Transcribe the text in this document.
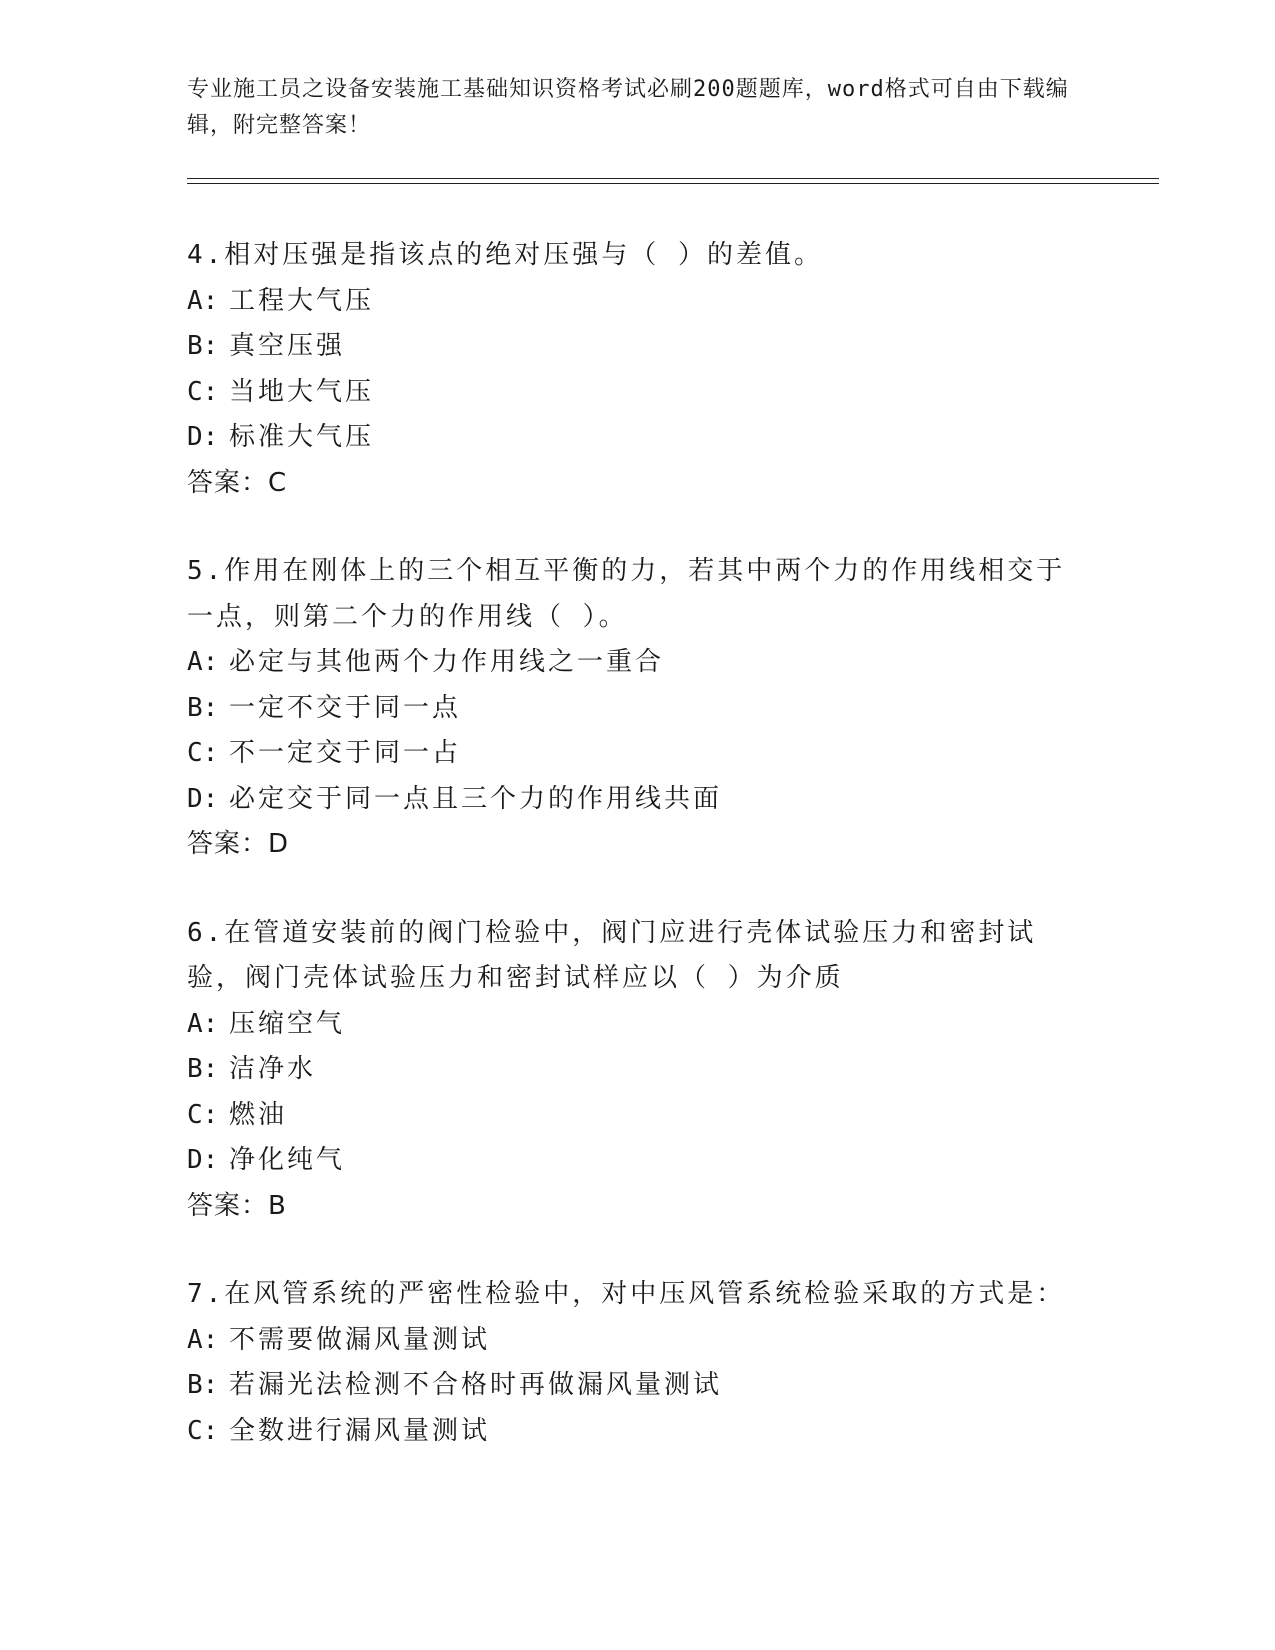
专业施工员之设备安装施工基础知识资格考试必刷200题题库，word格式可自由下载编辑，附完整答案！

4.相对压强是指该点的绝对压强与（ ）的差值。

A: 工程大气压

B: 真空压强

C: 当地大气压

D: 标准大气压

答案：C

5.作用在刚体上的三个相互平衡的力，若其中两个力的作用线相交于一点，则第二个力的作用线（ ）。

A: 必定与其他两个力作用线之一重合

B: 一定不交于同一点

C: 不一定交于同一占

D: 必定交于同一点且三个力的作用线共面

答案：D

6.在管道安装前的阀门检验中，阀门应进行壳体试验压力和密封试验，阀门壳体试验压力和密封试样应以（ ）为介质

A: 压缩空气

B: 洁净水

C: 燃油

D: 净化纯气

答案：B

7.在风管系统的严密性检验中，对中压风管系统检验采取的方式是：

A: 不需要做漏风量测试

B: 若漏光法检测不合格时再做漏风量测试

C: 全数进行漏风量测试
